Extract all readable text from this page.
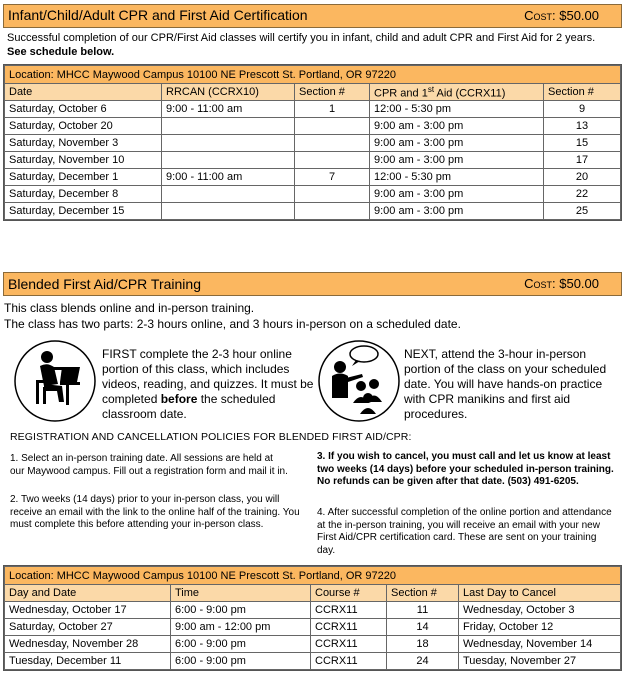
Infant/Child/Adult CPR and First Aid Certification	Cost: $50.00
Successful completion of our CPR/First Aid classes will certify you in infant, child and adult CPR and First Aid for 2 years. See schedule below.
Location: MHCC Maywood Campus 10100 NE Prescott St. Portland, OR 97220				
Date	RRCAN (CCRX10)	Section #	CPR and 1st Aid (CCRX11)	Section #
Saturday, October 6	9:00 - 11:00 am	1	12:00 - 5:30 pm	9
Saturday, October 20			9:00 am - 3:00 pm	13
Saturday, November 3			9:00 am - 3:00 pm	15
Saturday, November 10			9:00 am - 3:00 pm	17
Saturday, December 1	9:00 - 11:00 am	7	12:00 - 5:30 pm	20
Saturday, December 8			9:00 am - 3:00 pm	22
Saturday, December 15			9:00 am - 3:00 pm	25
Blended First Aid/CPR Training	Cost: $50.00
This class blends online and in-person training.
The class has two parts: 2-3 hours online, and 3 hours in-person on a scheduled date.
FIRST complete the 2-3 hour online portion of this class, which includes videos, reading, and quizzes. It must be completed before the scheduled classroom date.
NEXT, attend the 3-hour in-person portion of the class on your scheduled date. You will have hands-on practice with CPR manikins and first aid procedures.
REGISTRATION AND CANCELLATION POLICIES FOR BLENDED FIRST AID/CPR:
1. Select an in-person training date. All sessions are held at our Maywood campus. Fill out a registration form and mail it in.
2. Two weeks (14 days) prior to your in-person class, you will receive an email with the link to the online half of the training. You must complete this before attending your in-person class.
3. If you wish to cancel, you must call and let us know at least two weeks (14 days) before your scheduled in-person training. No refunds can be given after that date. (503) 491-6205.
4. After successful completion of the online portion and attendance at the in-person training, you will receive an email with your new First Aid/CPR certification card. These are sent on your training day.
Location: MHCC Maywood Campus 10100 NE Prescott St. Portland, OR 97220				
Day and Date	Time	Course #	Section #	Last Day to Cancel
Wednesday, October 17	6:00 - 9:00 pm	CCRX11	11	Wednesday, October 3
Saturday, October 27	9:00 am - 12:00 pm	CCRX11	14	Friday, October 12
Wednesday, November 28	6:00 - 9:00 pm	CCRX11	18	Wednesday, November 14
Tuesday, December 11	6:00 - 9:00 pm	CCRX11	24	Tuesday, November 27
